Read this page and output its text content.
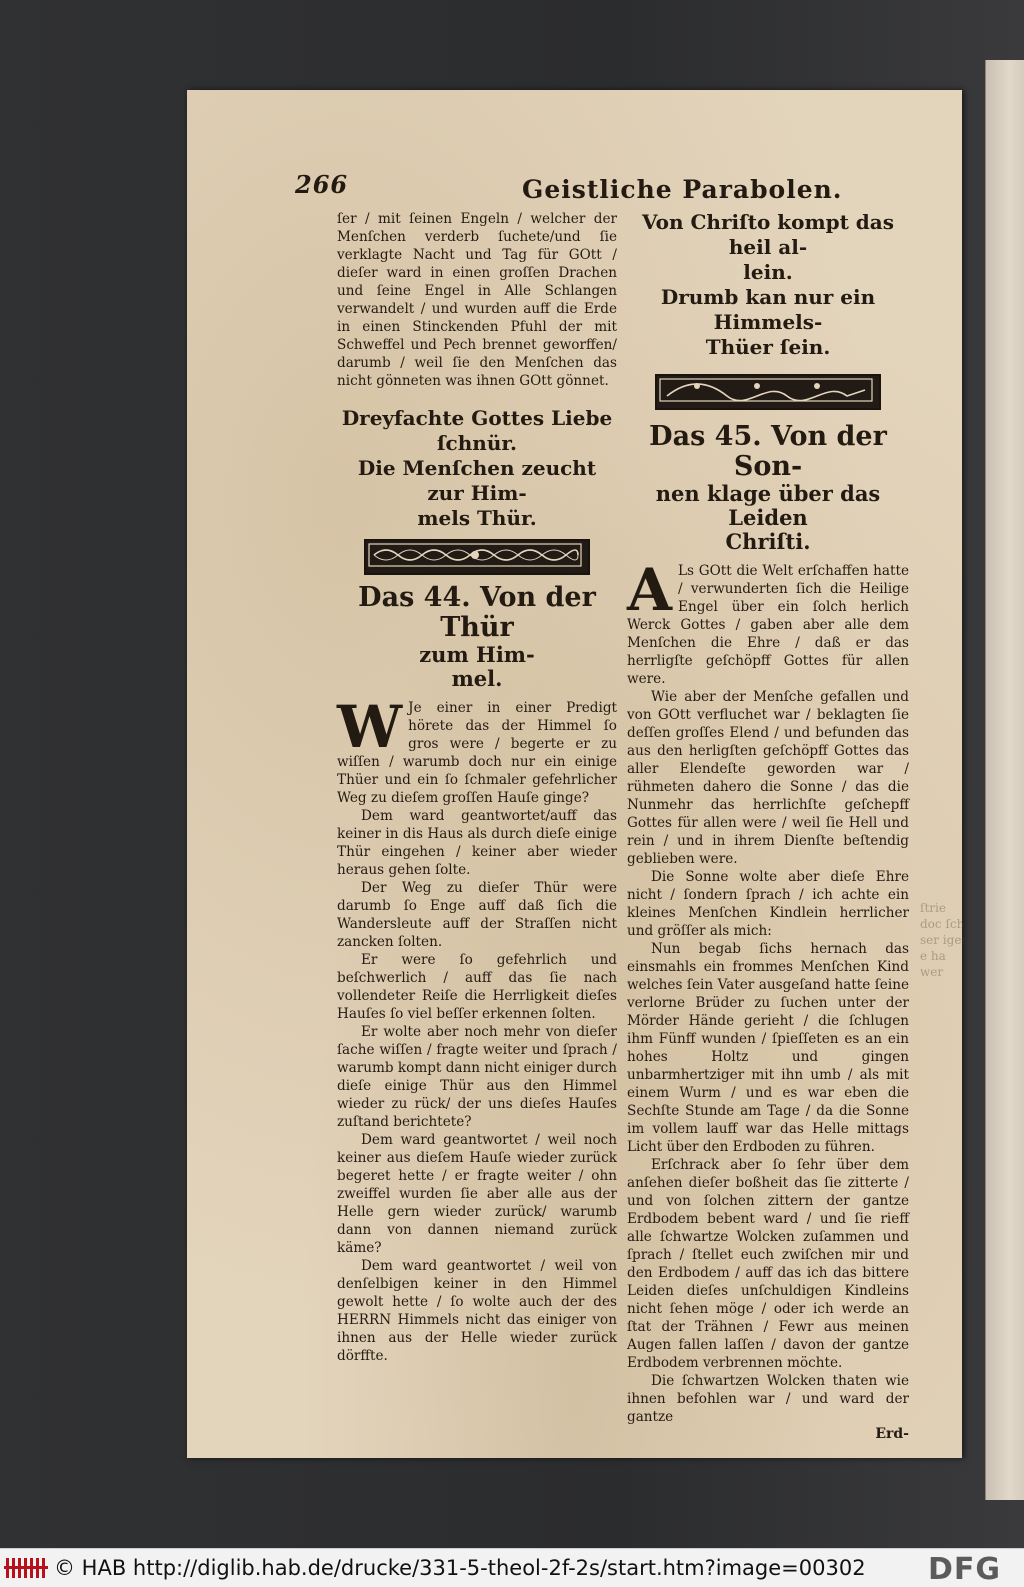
266	Geistliche Parabolen.

ſer / mit ſeinen Engeln / welcher der Menſchen verderb ſuchete/und ſie verklagte Nacht und Tag für GOtt / dieſer ward in einen groſſen Drachen und ſeine Engel in Alle Schlangen verwandelt / und wurden auff die Erde in einen Stinckenden Pfuhl der mit Schweffel und Pech brennet geworffen/ darumb / weil ſie den Menſchen das nicht gönneten was ihnen GOtt gönnet.

Dreyfachte Gottes Liebe

ſchnür.

Die Menſchen zeucht zur Him-

mels Thür.

Das 44. Von der Thür

zum Him-

mel.

W Je einer in einer Predigt hörete das der Himmel ſo gros were / begerte er zu wiſſen / warumb doch nur ein einige Thüer und ein ſo ſchmaler gefehrlicher Weg zu dieſem groſſen Hauſe ginge?

Dem ward geantwortet/auff das keiner in dis Haus als durch dieſe einige Thür eingehen / keiner aber wieder heraus gehen ſolte.

Der Weg zu dieſer Thür were darumb ſo Enge auff daß ſich die Wandersleute auff der Straſſen nicht zancken ſolten.

Er were ſo gefehrlich und beſchwerlich / auff das ſie nach vollendeter Reiſe die Herrligkeit dieſes Hauſes ſo viel beſſer erkennen ſolten.

Er wolte aber noch mehr von dieſer ſache wiſſen / fragte weiter und ſprach / warumb kompt dann nicht einiger durch dieſe einige Thür aus den Himmel wieder zu rück/ der uns dieſes Hauſes zuſtand berichtete?

Dem ward geantwortet / weil noch keiner aus dieſem Hauſe wieder zurück begeret hette / er fragte weiter / ohn zweiffel wurden ſie aber alle aus der Helle gern wieder zurück/ warumb dann von dannen niemand zurück käme?

Dem ward geantwortet / weil von denſelbigen keiner in den Himmel gewolt hette / ſo wolte auch der des HERRN Himmels nicht das einiger von ihnen aus der Helle wieder zurück dörffte.

Von Chriſto kompt das heil al-

lein.

Drumb kan nur ein Himmels-

Thüer ſein.

Das 45. Von der Son-

nen klage über das Leiden

Chriſti.

A Ls GOtt die Welt erſchaffen hatte / verwunderten ſich die Heilige Engel über ein ſolch herlich Werck Gottes / gaben aber alle dem Menſchen die Ehre / daß er das herrligſte geſchöpff Gottes für allen were.

Wie aber der Menſche gefallen und von GOtt verfluchet war / beklagten ſie deſſen groſſes Elend / und befunden das aus den herligſten geſchöpff Gottes das aller Elendeſte geworden war / rühmeten dahero die Sonne / das die Nunmehr das herrlichſte geſchepff Gottes für allen were / weil ſie Hell und rein / und in ihrem Dienſte beſtendig geblieben were.

Die Sonne wolte aber dieſe Ehre nicht / ſondern ſprach / ich achte ein kleines Menſchen Kindlein herrlicher und gröſſer als mich:

Nun begab ſichs hernach das einsmahls ein frommes Menſchen Kind welches ſein Vater ausgeſand hatte ſeine verlorne Brüder zu ſuchen unter der Mörder Hände gerieht / die ſchlugen ihm Fünff wunden / ſpieſſeten es an ein hohes Holtz und gingen unbarmhertziger mit ihn umb / als mit einem Wurm / und es war eben die Sechſte Stunde am Tage / da die Sonne im vollem lauff war das Helle mittags Licht über den Erdboden zu führen.

Erſchrack aber ſo ſehr über dem anſehen dieſer boßheit das ſie zitterte / und von ſolchen zittern der gantze Erdbodem bebent ward / und ſie rieff alle ſchwartze Wolcken zuſammen und ſprach / ſtellet euch zwiſchen mir und den Erdbodem / auff das ich das bittere Leiden dieſes unſchuldigen Kindleins nicht ſehen möge / oder ich werde an ſtat der Trähnen / Fewr aus meinen Augen fallen laſſen / davon der gantze Erdbodem verbrennen möchte.

Die ſchwartzen Wolcken thaten wie ihnen befohlen war / und ward der gantze

Erd-

ſtrie
doc ſch
ser iger
e ha
wer
© HAB http://diglib.hab.de/drucke/331-5-theol-2f-2s/start.htm?image=00302 DFG
